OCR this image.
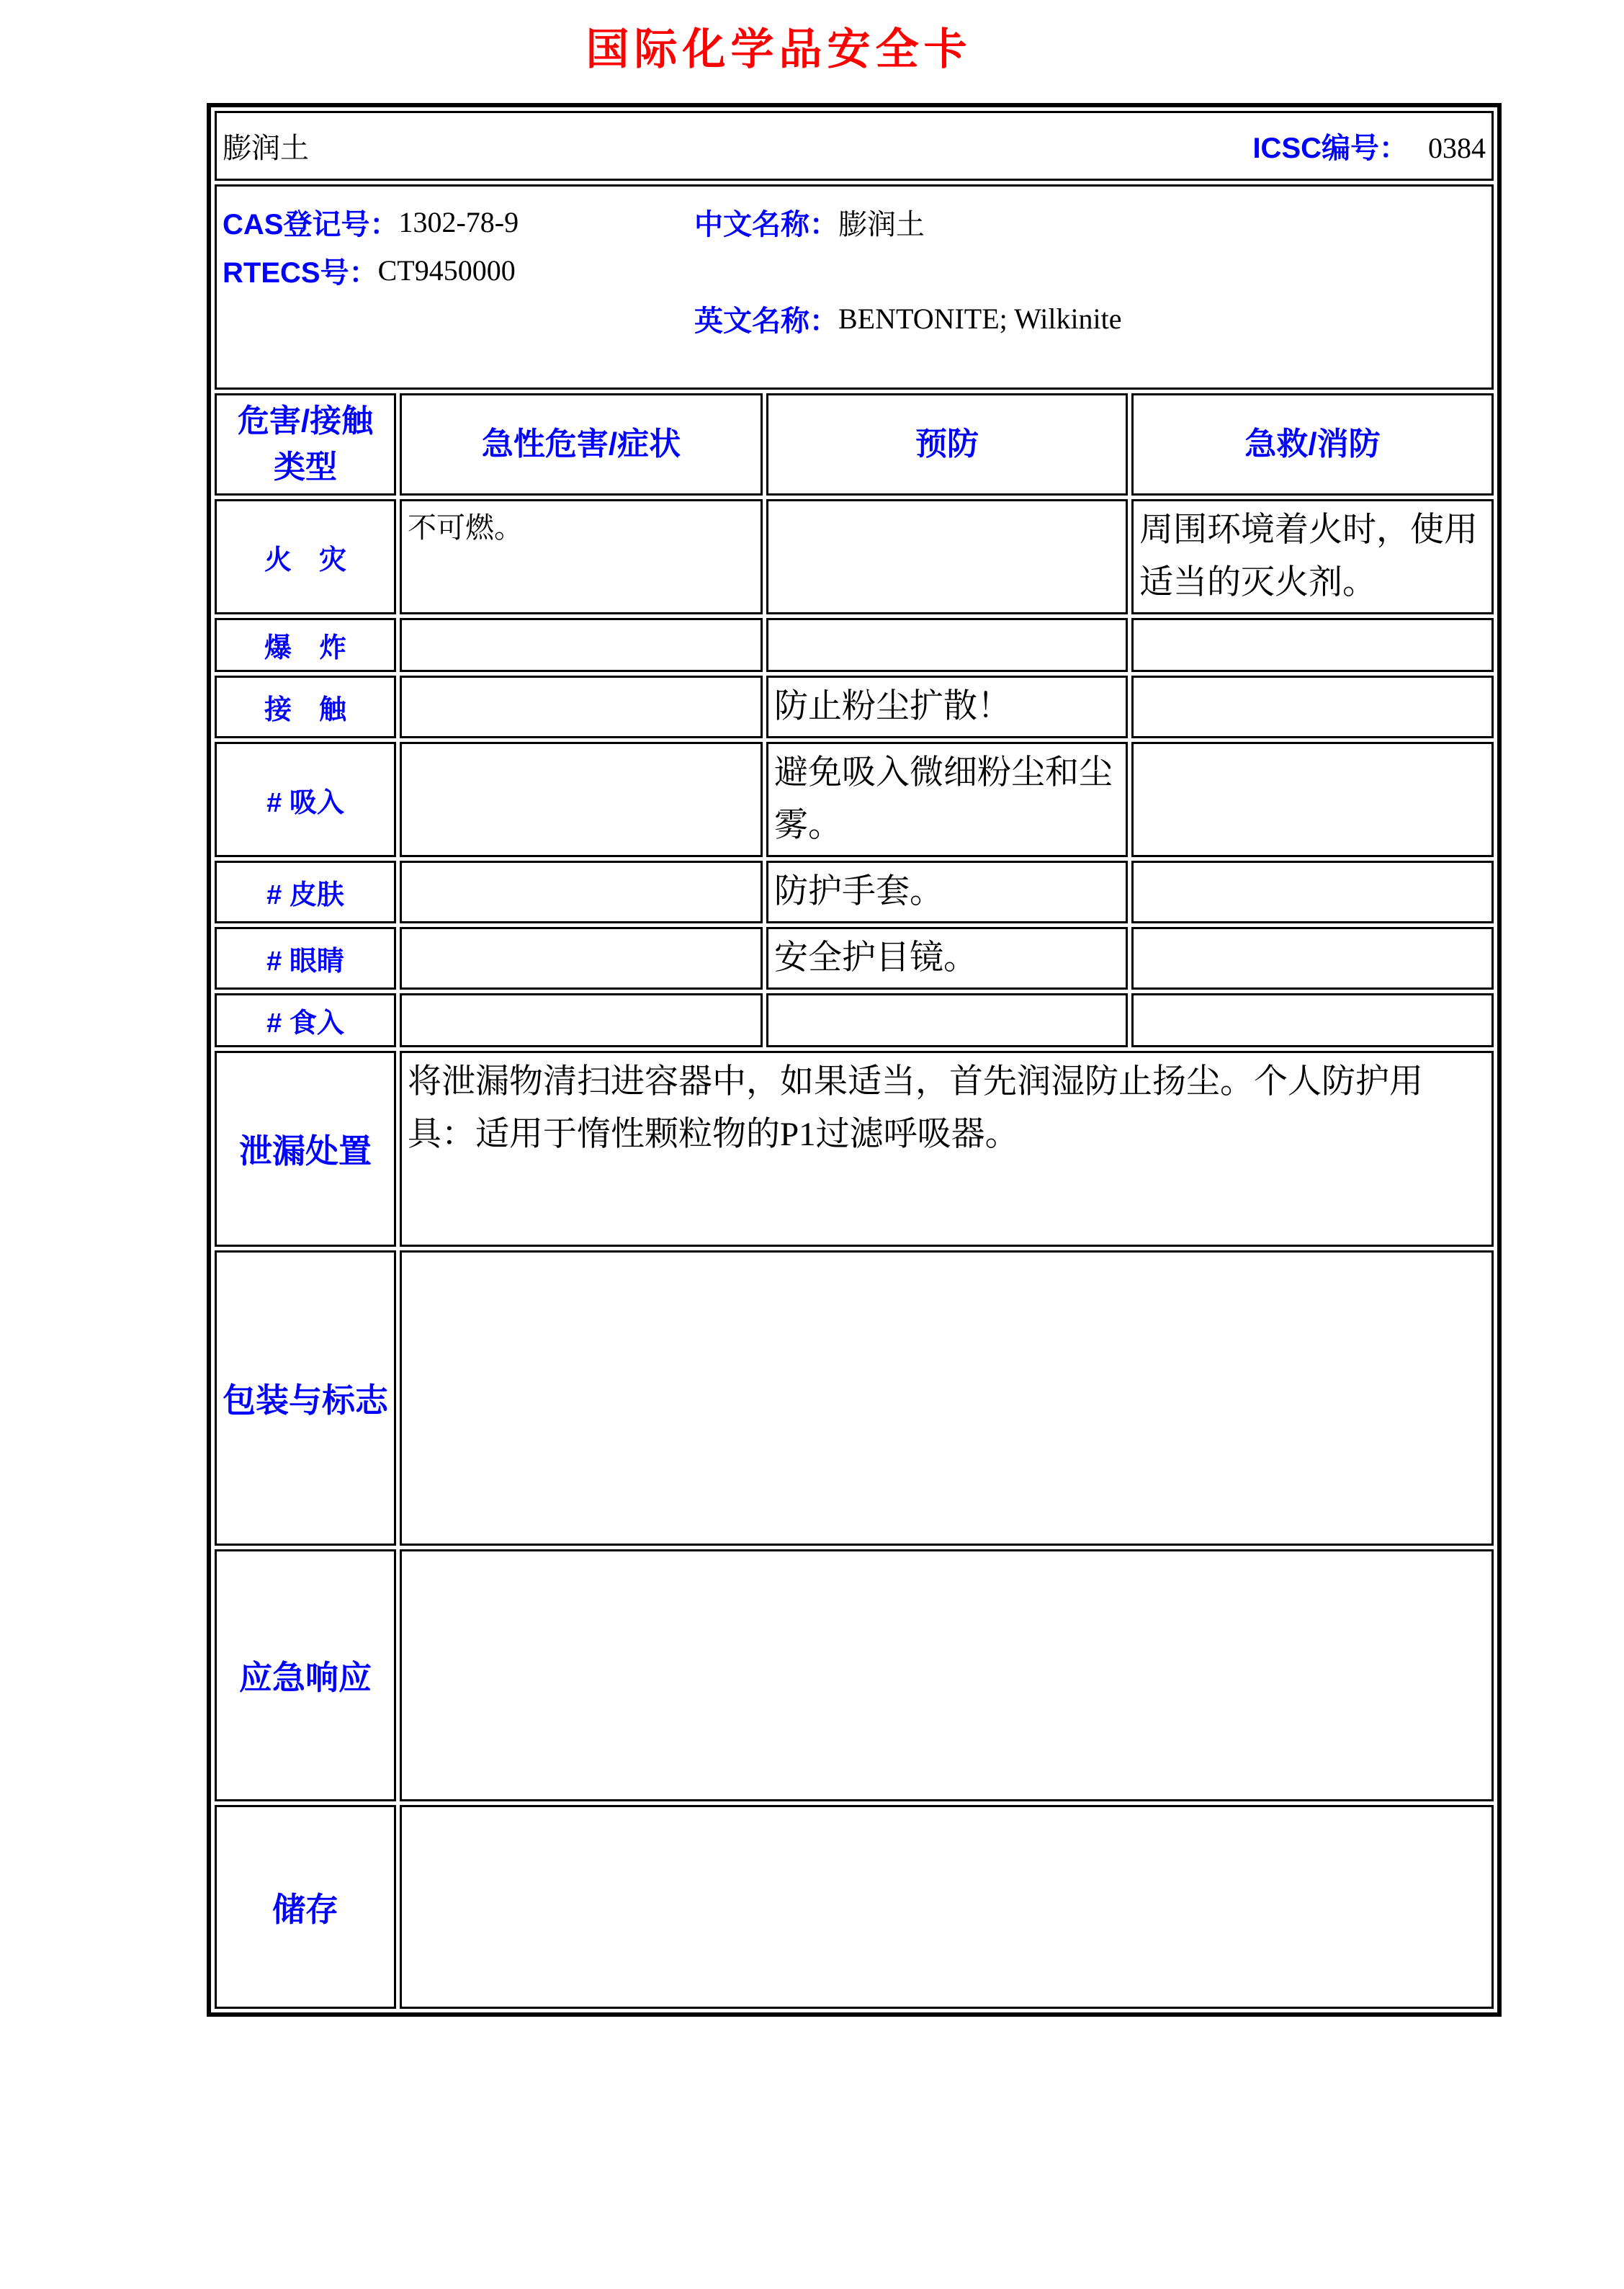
国际化学品安全卡
膨润土 ICSC编号： 0384			

CAS登记号： 1302-78-9
RTECS号： CT9450000
中文名称： 膨润土
英文名称： BENTONITE; Wilkinite

危害/接触
类型	急性危害/症状	预防	急救/消防
火　灾	不可燃。		周围环境着火时，使用适当的灭火剂。
爆　炸			
接　触		防止粉尘扩散！	
# 吸入		避免吸入微细粉尘和尘雾。	
# 皮肤		防护手套。	
# 眼睛		安全护目镜。	
# 食入			
泄漏处置	将泄漏物清扫进容器中，如果适当，首先润湿防止扬尘。个人防护用具：适用于惰性颗粒物的P1过滤呼吸器。		

包装与标志			

应急响应			

储存			
